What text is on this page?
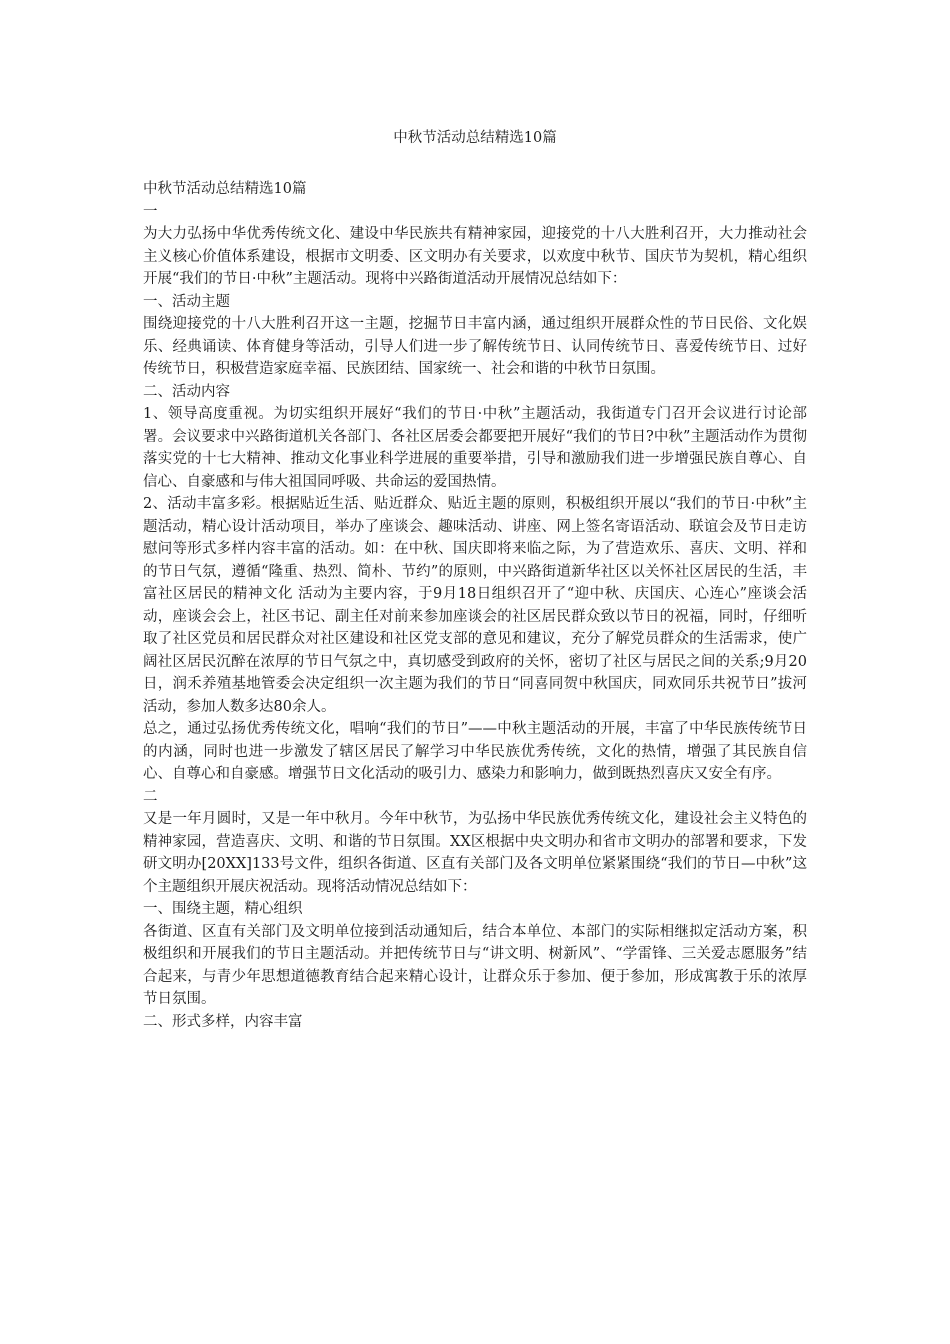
中秋节活动总结精选10篇

中秋节活动总结精选10篇

一

为大力弘扬中华优秀传统文化、建设中华民族共有精神家园，迎接党的十八大胜利召开，大力推动社会主义核心价值体系建设，根据市文明委、区文明办有关要求，以欢度中秋节、国庆节为契机，精心组织开展“我们的节日·中秋”主题活动。现将中兴路街道活动开展情况总结如下：

一、活动主题

围绕迎接党的十八大胜利召开这一主题，挖掘节日丰富内涵，通过组织开展群众性的节日民俗、文化娱乐、经典诵读、体育健身等活动，引导人们进一步了解传统节日、认同传统节日、喜爱传统节日、过好传统节日，积极营造家庭幸福、民族团结、国家统一、社会和谐的中秋节日氛围。

二、活动内容

1、领导高度重视。为切实组织开展好“我们的节日·中秋”主题活动，我街道专门召开会议进行讨论部署。会议要求中兴路街道机关各部门、各社区居委会都要把开展好“我们的节日?中秋”主题活动作为贯彻落实党的十七大精神、推动文化事业科学进展的重要举措，引导和激励我们进一步增强民族自尊心、自信心、自豪感和与伟大祖国同呼吸、共命运的爱国热情。

2、活动丰富多彩。根据贴近生活、贴近群众、贴近主题的原则，积极组织开展以“我们的节日·中秋”主题活动，精心设计活动项目，举办了座谈会、趣味活动、讲座、网上签名寄语活动、联谊会及节日走访慰问等形式多样内容丰富的活动。如：在中秋、国庆即将来临之际，为了营造欢乐、喜庆、文明、祥和的节日气氛，遵循“隆重、热烈、简朴、节约”的原则，中兴路街道新华社区以关怀社区居民的生活，丰富社区居民的精神文化 活动为主要内容，于9月18日组织召开了“迎中秋、庆国庆、心连心”座谈会活动，座谈会会上，社区书记、副主任对前来参加座谈会的社区居民群众致以节日的祝福，同时，仔细听取了社区党员和居民群众对社区建设和社区党支部的意见和建议，充分了解党员群众的生活需求，使广阔社区居民沉醉在浓厚的节日气氛之中，真切感受到政府的关怀，密切了社区与居民之间的关系;9月20日，润禾养殖基地管委会决定组织一次主题为我们的节日“同喜同贺中秋国庆，同欢同乐共祝节日”拔河活动，参加人数多达80余人。

总之，通过弘扬优秀传统文化，唱响“我们的节日”——中秋主题活动的开展，丰富了中华民族传统节日的内涵，同时也进一步激发了辖区居民了解学习中华民族优秀传统，文化的热情，增强了其民族自信心、自尊心和自豪感。增强节日文化活动的吸引力、感染力和影响力，做到既热烈喜庆又安全有序。

二

又是一年月圆时，又是一年中秋月。今年中秋节，为弘扬中华民族优秀传统文化，建设社会主义特色的精神家园，营造喜庆、文明、和谐的节日氛围。XX区根据中央文明办和省市文明办的部署和要求，下发研文明办[20XX]133号文件，组织各街道、区直有关部门及各文明单位紧紧围绕“我们的节日—中秋”这个主题组织开展庆祝活动。现将活动情况总结如下：

一、围绕主题，精心组织

各街道、区直有关部门及文明单位接到活动通知后，结合本单位、本部门的实际相继拟定活动方案，积极组织和开展我们的节日主题活动。并把传统节日与“讲文明、树新风”、“学雷锋、三关爱志愿服务”结合起来，与青少年思想道德教育结合起来精心设计，让群众乐于参加、便于参加，形成寓教于乐的浓厚节日氛围。

二、形式多样，内容丰富
